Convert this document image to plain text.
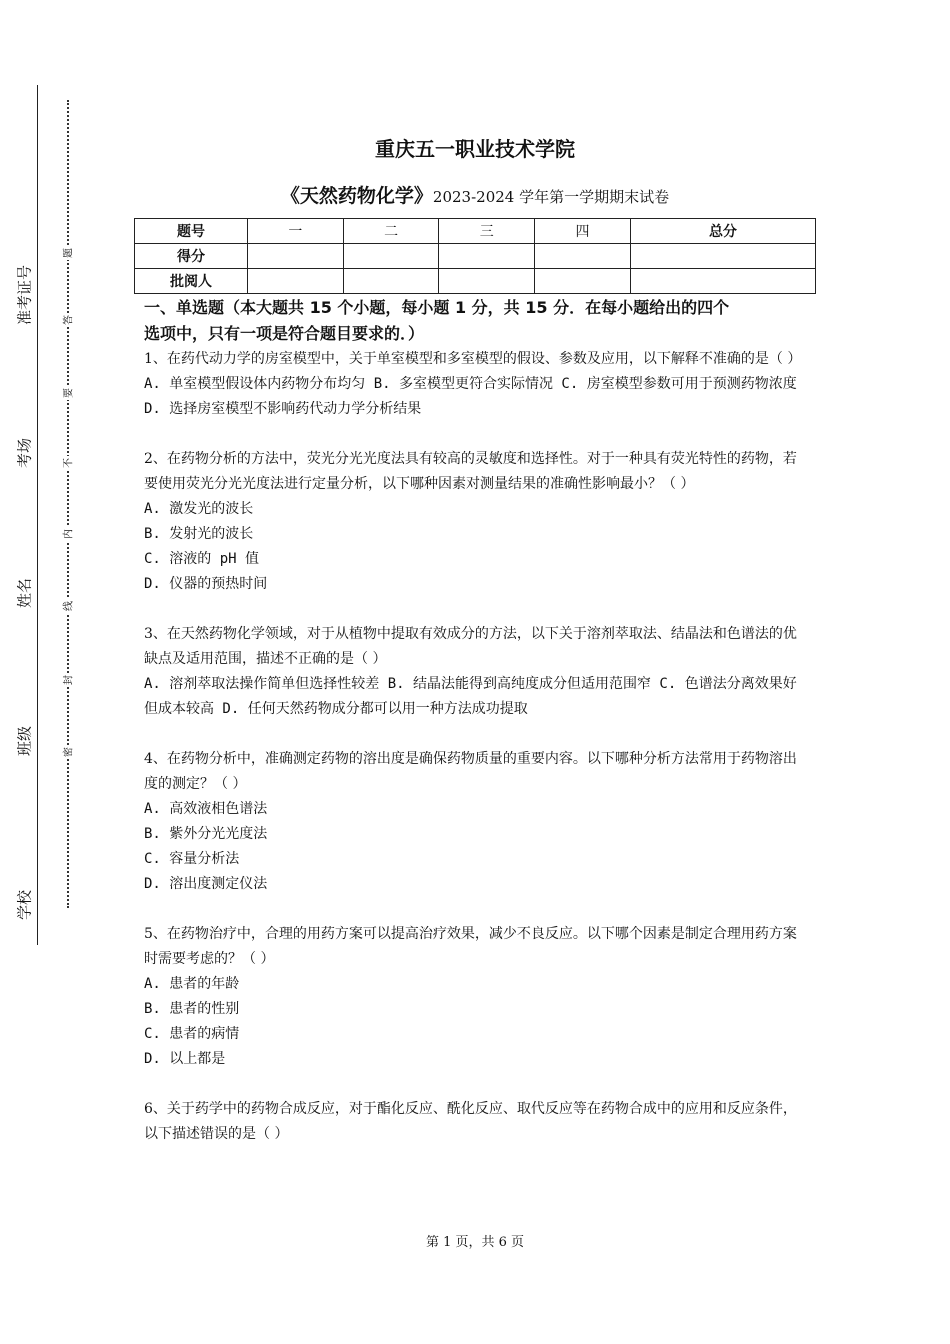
准考证号
考场
姓名
班级
学校
题
答
要
不
内
线
封
密
重庆五一职业技术学院
《天然药物化学》2023-2024 学年第一学期期末试卷
题号	一	二	三	四	总分
得分					
批阅人					
一、单选题（本大题共 15 个小题，每小题 1 分，共 15 分．在每小题给出的四个
选项中，只有一项是符合题目要求的．）
1、在药代动力学的房室模型中，关于单室模型和多室模型的假设、参数及应用，以下解释不准确的是（ ）
A. 单室模型假设体内药物分布均匀 B. 多室模型更符合实际情况 C. 房室模型参数可用于预测药物浓度 D. 选择房室模型不影响药代动力学分析结果
2、在药物分析的方法中，荧光分光光度法具有较高的灵敏度和选择性。对于一种具有荧光特性的药物，若要使用荧光分光光度法进行定量分析，以下哪种因素对测量结果的准确性影响最小？（ ）
A. 激发光的波长
B. 发射光的波长
C. 溶液的 pH 值
D. 仪器的预热时间
3、在天然药物化学领域，对于从植物中提取有效成分的方法，以下关于溶剂萃取法、结晶法和色谱法的优缺点及适用范围，描述不正确的是（ ）
A. 溶剂萃取法操作简单但选择性较差 B. 结晶法能得到高纯度成分但适用范围窄 C. 色谱法分离效果好但成本较高 D. 任何天然药物成分都可以用一种方法成功提取
4、在药物分析中，准确测定药物的溶出度是确保药物质量的重要内容。以下哪种分析方法常用于药物溶出度的测定？（ ）
A. 高效液相色谱法
B. 紫外分光光度法
C. 容量分析法
D. 溶出度测定仪法
5、在药物治疗中，合理的用药方案可以提高治疗效果，减少不良反应。以下哪个因素是制定合理用药方案时需要考虑的？（ ）
A. 患者的年龄
B. 患者的性别
C. 患者的病情
D. 以上都是
6、关于药学中的药物合成反应，对于酯化反应、酰化反应、取代反应等在药物合成中的应用和反应条件，以下描述错误的是（ ）
第 1 页，共 6 页
